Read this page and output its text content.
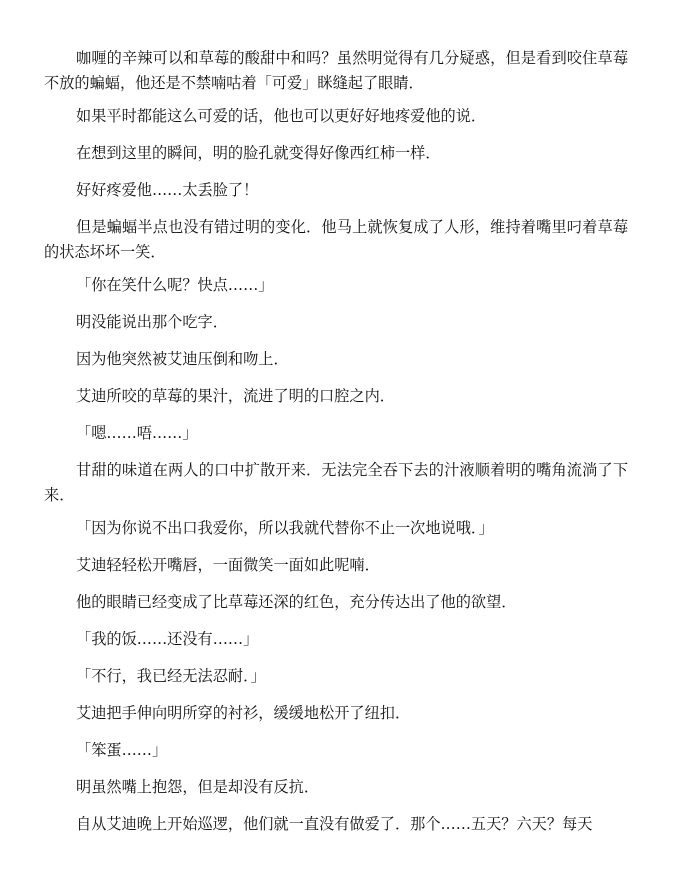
咖喱的辛辣可以和草莓的酸甜中和吗？虽然明觉得有几分疑惑，但是看到咬住草莓不放的蝙蝠，他还是不禁喃咕着「可爱」眯缝起了眼睛．

如果平时都能这么可爱的话，他也可以更好好地疼爱他的说．

在想到这里的瞬间，明的脸孔就变得好像西红柿一样．

好好疼爱他……太丢脸了！

但是蝙蝠半点也没有错过明的变化．他马上就恢复成了人形，维持着嘴里叼着草莓的状态坏坏一笑．

「你在笑什么呢？快点……」

明没能说出那个吃字．

因为他突然被艾迪压倒和吻上．

艾迪所咬的草莓的果汁，流进了明的口腔之内．

「嗯……唔……」

甘甜的味道在两人的口中扩散开来．无法完全吞下去的汁液顺着明的嘴角流淌了下来．

「因为你说不出口我爱你，所以我就代替你不止一次地说哦．」

艾迪轻轻松开嘴唇，一面微笑一面如此呢喃．

他的眼睛已经变成了比草莓还深的红色，充分传达出了他的欲望．

「我的饭……还没有……」

「不行，我已经无法忍耐．」

艾迪把手伸向明所穿的衬衫，缓缓地松开了纽扣．

「笨蛋……」

明虽然嘴上抱怨，但是却没有反抗．

自从艾迪晚上开始巡逻，他们就一直没有做爱了．那个……五天？六天？每天
